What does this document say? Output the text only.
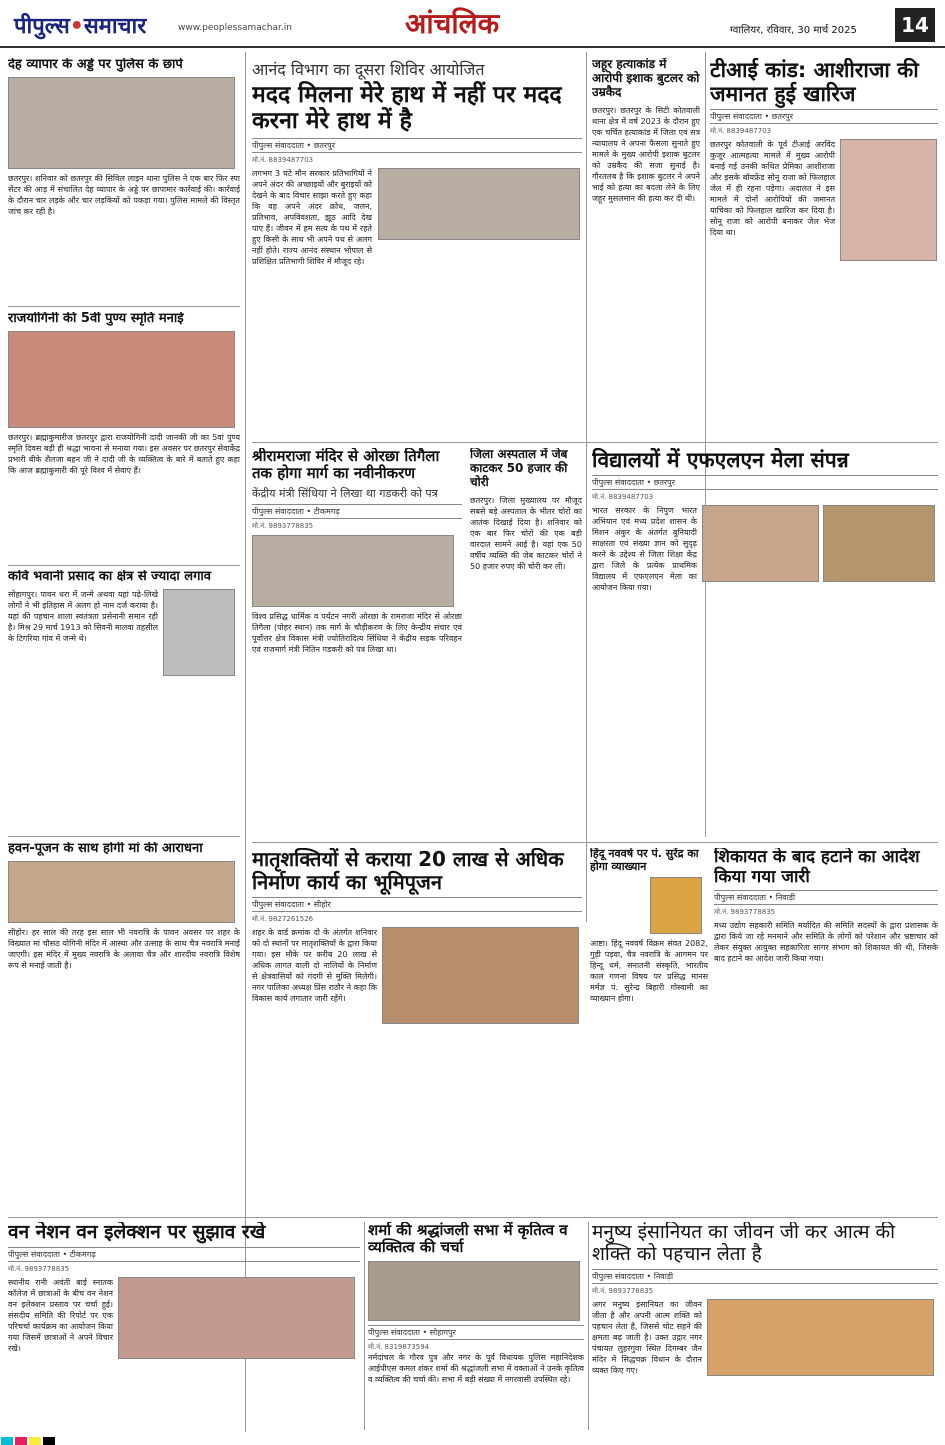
पीपुल्स•समाचार	www.peoplessamachar.in	आंचलिक	ग्वालियर, रविवार, 30 मार्च 2025	14
देह व्यापार के अड्डे पर पुलिस के छापे
छतरपुर। शनिवार को छतरपुर की सिविल लाइन थाना पुलिस ने एक बार फिर स्पा सेंटर की आड़ में संचालित देह व्यापार के अड्डे पर छापामार कार्रवाई की। कार्रवाई के दौरान चार लड़के और चार लड़कियों को पकड़ा गया। पुलिस मामले की विस्तृत जांच कर रही है।
आनंद विभाग का दूसरा शिविर आयोजित
मदद मिलना मेरे हाथ में नहीं पर मदद करना मेरे हाथ में है
पीपुल्स संवाददाता • छतरपुर
मो.नं. 8839487703
लगभग 3 घंटे मौन सरकार प्रतिभागियों ने अपने अंदर की अच्छाइयों और बुराइयों को देखने के बाद विचार साझा करते हुए कहा कि वह अपने अंदर क्रोध, जलन, प्रतिभाव, अपविवशता, झूठ आदि देख पाए हैं। जीवन में हम सत्य के पथ में रहते हुए किसी के साथ भी अपने पथ से अलग नहीं होते। राज्य आनंद संस्थान भोपाल से प्रशिक्षित प्रतिभागी शिविर में मौजूद रहे।
जहूर हत्याकांड में आरोपी इशाक बुटलर को उम्रकैद
छतरपुर। छतरपुर के सिटी कोतवाली थाना क्षेत्र में वर्ष 2023 के दौरान हुए एक चर्चित हत्याकांड में जिला एवं सत्र न्यायालय ने अपना फैसला सुनाते हुए मामले के मुख्य आरोपी इशाक बुटलर को उम्रकैद की सजा सुनाई है। गौरतलब है कि इशाक बुटलर ने अपने भाई को हत्या का बदला लेने के लिए जहूर मुसलमान की हत्या कर दी थी।
टीआई कांड: आशीराजा की जमानत हुई खारिज
पीपुल्स संवाददाता • छतरपुर
मो.नं. 8839487703
छतरपुर कोतवाली के पूर्व टीआई अरविंद कुजूर आत्महत्या मामले में मुख्य आरोपी बनाई गई उनकी कथित प्रेमिका आशीराजा और इसके बॉयफ्रेंड सोनू राजा को फिलहाल जेल में ही रहना पड़ेगा। अदालत ने इस मामले में दोनों आरोपियों की जमानत याचिका को फिलहाल खारिज कर दिया है। सोनू राजा को आरोपी बनाकर जेल भेज दिया था।
राजयोगिनी की 5वीं पुण्य स्मृति मनाई
छतरपुर। ब्रह्माकुमारीज छतरपुर द्वारा राजयोगिनी दादी जानकी जी का 5वां पुण्य स्मृति दिवस बड़ी ही श्रद्धा भावना से मनाया गया। इस अवसर पर छतरपुर सेवाकेंद्र प्रभारी बीके शैलजा बहन जी ने दादी जी के व्यक्तित्व के बारे में बताते हुए कहा कि आज ब्रह्माकुमारी की पूरे विश्व में सेवाएं हैं।
कवि भवानी प्रसाद का क्षेत्र से ज्यादा लगाव
सोहागपुर। पावन धरा में जन्मे अथवा यहां पढ़े-लिखे लोगों ने भी इतिहास में अलग हो नाम दर्ज कराया है। यहां की पहचान शाला स्वतंत्रता प्रसेनानी समान रही है। मिश्र 29 मार्च 1913 को सिवनी मालवा तहसील के टिगरिया गांव में जन्मे थे।
श्रीरामराजा मंदिर से ओरछा तिगैला तक होगा मार्ग का नवीनीकरण
केंद्रीय मंत्री सिंधिया ने लिखा था गडकरी को पत्र
पीपुल्स संवाददाता • टीकमगढ़
मो.नं. 9893778835
विश्व प्रसिद्ध धार्मिक व पर्यटन नगरी ओरछा के रामराजा मंदिर से ओरछा तिगैला (पोहर स्थान) तक मार्ग के चौड़ीकरण के लिए केन्द्रीय संचार एवं पूर्वोत्तर क्षेत्र विकास मंत्री ज्योतिरादित्य सिंधिया ने केंद्रीय सड़क परिवहन एवं राजमार्ग मंत्री नितिन गडकरी को पत्र लिखा था।
जिला अस्पताल में जेब काटकर 50 हजार की चोरी
छतरपुर। जिला मुख्यालय पर मौजूद सबसे बड़े अस्पताल के भीतर चोरों का आतंक दिखाई दिया है। शनिवार को एक बार फिर चोरों की एक बड़ी वारदात सामने आई है। यहां एक 50 वर्षीय व्यक्ति की जेब काटकर चोरों ने 50 हजार रुपए की चोरी कर ली।
विद्यालयों में एफएलएन मेला संपन्न
पीपुल्स संवाददाता • छतरपुर
मो.नं. 8839487703
भारत सरकार के निपुण भारत अभियान एवं मध्य प्रदेश शासन के मिशन अंकुर के अंतर्गत बुनियादी साक्षरता एवं संख्या ज्ञान को सुदृढ़ करने के उद्देश्य से जिला शिक्षा केंद्र द्वारा जिले के प्रत्येक प्राथमिक विद्यालय में एफएलएन मेला का आयोजन किया गया।
हवन-पूजन के साथ होगी मां की आराधना
सीहोर। हर साल की तरह इस साल भी नवरात्रि के पावन अवसर पर शहर के विख्यात मां चौसठ योगिनी मंदिर में आस्था और उत्साह के साथ चैत्र नवरात्रि मनाई जाएगी। इस मंदिर में मुख्य नवरात्रि के अलावा चैत्र और शारदीय नवरात्रि विशेष रूप से मनाई जाती है।
मातृशक्तियों से कराया 20 लाख से अधिक निर्माण कार्य का भूमिपूजन
पीपुल्स संवाददाता • सीहोर
मो.नं. 9827261526
शहर के वार्ड क्रमांक दो के अंतर्गत शनिवार को दो स्थानों पर मातृशक्तियों के द्वारा किया गया। इस मौके पर करीब 20 लाख से अधिक लागत वाली दो नालियों के निर्माण से क्षेत्रवासियों को गंदगी से मुक्ति मिलेगी। नगर पालिका अध्यक्ष प्रिंस राठौर ने कहा कि विकास कार्य लगातार जारी रहेंगे।
हिंदू नववर्ष पर पं. सुरेंद्र का होगा व्याख्यान
आष्टा। हिंदू नववर्ष विक्रम संवत 2082, गुड़ी पड़वा, चैत्र नवरात्रि के आगमन पर हिन्दू धर्म, सनातनी संस्कृति, भारतीय काल गणना विषय पर प्रसिद्ध मानस मर्मज्ञ पं. सुरेन्द्र बिहारी गोस्वामी का व्याख्यान होगा।
शिकायत के बाद हटाने का आदेश किया गया जारी
पीपुल्स संवाददाता • निवाड़ी
मो.नं. 9893778835
मध्य उद्योग सहकारी समिति मर्यादित की समिति सदस्यों के द्वारा प्रशासक के द्वारा किये जा रहे मनमाने और समिति के लोगों को परेशान और भ्रष्टाचार को लेकर संयुक्त आयुक्त सहकारिता सागर संभाग को शिकायत की थी, जिसके बाद हटाने का आदेश जारी किया गया।
वन नेशन वन इलेक्शन पर सुझाव रखे
पीपुल्स संवाददाता • टीकमगढ़
मो.नं. 9893778835
स्थानीय रानी अवंती बाई स्नातक कॉलेज में छात्राओं के बीच वन नेशन वन इलेक्शन प्रस्ताव पर चर्चा हुई। संसदीय समिति की रिपोर्ट पर एक परिचर्चा कार्यक्रम का आयोजन किया गया जिसमें छात्राओं ने अपने विचार रखे।
शर्मा की श्रद्धांजली सभा में कृतित्व व व्यक्तित्व की चर्चा
पीपुल्स संवाददाता • सोहागपुर
मो.नं. 8319873594
नर्मदांचल के गौरव पुत्र और नगर के पूर्व विधायक पुलिस महानिदेशक आईपीएस कमल शंकर शर्मा की श्रद्धांजली सभा में वक्ताओं ने उनके कृतित्व व व्यक्तित्व की चर्चा की। सभा में बड़ी संख्या में नगरवासी उपस्थित रहे।
मनुष्य इंसानियत का जीवन जी कर आत्म की शक्ति को पहचान लेता है
पीपुल्स संवाददाता • निवाड़ी
मो.नं. 9893778835
अगर मनुष्य इंसानियत का जीवन जीता है और अपनी आत्म शक्ति को पहचान लेता है, जिससे चोट सहने की क्षमता बढ़ जाती है। उक्त उद्गार नगर पंचायत लुहरगुवा स्थित दिगम्बर जैन मंदिर में सिद्धचक्र विधान के दौरान व्यक्त किए गए।
